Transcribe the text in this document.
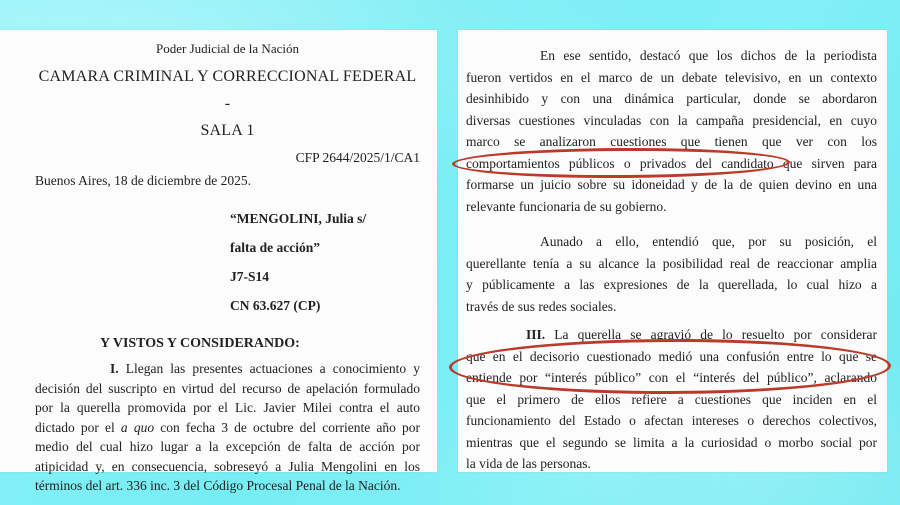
Poder Judicial de la Nación
CAMARA CRIMINAL Y CORRECCIONAL FEDERAL -
SALA 1
CFP 2644/2025/1/CA1
Buenos Aires, 18 de diciembre de 2025.
“MENGOLINI, Julia s/
falta de acción”
J7-S14
CN 63.627 (CP)
Y VISTOS Y CONSIDERANDO:
I. Llegan las presentes actuaciones a conocimiento y
decisión del suscripto en virtud del recurso de apelación formulado
por la querella promovida por el Lic. Javier Milei contra el auto
dictado por el a quo con fecha 3 de octubre del corriente año por
medio del cual hizo lugar a la excepción de falta de acción por
atipicidad y, en consecuencia, sobreseyó a Julia Mengolini en los
términos del art. 336 inc. 3 del Código Procesal Penal de la Nación.
En ese sentido, destacó que los dichos de la periodista
fueron vertidos en el marco de un debate televisivo, en un contexto
desinhibido y con una dinámica particular, donde se abordaron
diversas cuestiones vinculadas con la campaña presidencial, en cuyo
marco se analizaron cuestiones que tienen que ver con los
comportamientos públicos o privados del candidato que sirven para
formarse un juicio sobre su idoneidad y de la de quien devino en una
relevante funcionaria de su gobierno.
Aunado a ello, entendió que, por su posición, el
querellante tenía a su alcance la posibilidad real de reaccionar amplia
y públicamente a las expresiones de la querellada, lo cual hizo a
través de sus redes sociales.
III. La querella se agravió de lo resuelto por considerar
que en el decisorio cuestionado medió una confusión entre lo que se
entiende por “interés público” con el “interés del público”, aclarando
que el primero de ellos refiere a cuestiones que inciden en el
funcionamiento del Estado o afectan intereses o derechos colectivos,
mientras que el segundo se limita a la curiosidad o morbo social por
la vida de las personas.
